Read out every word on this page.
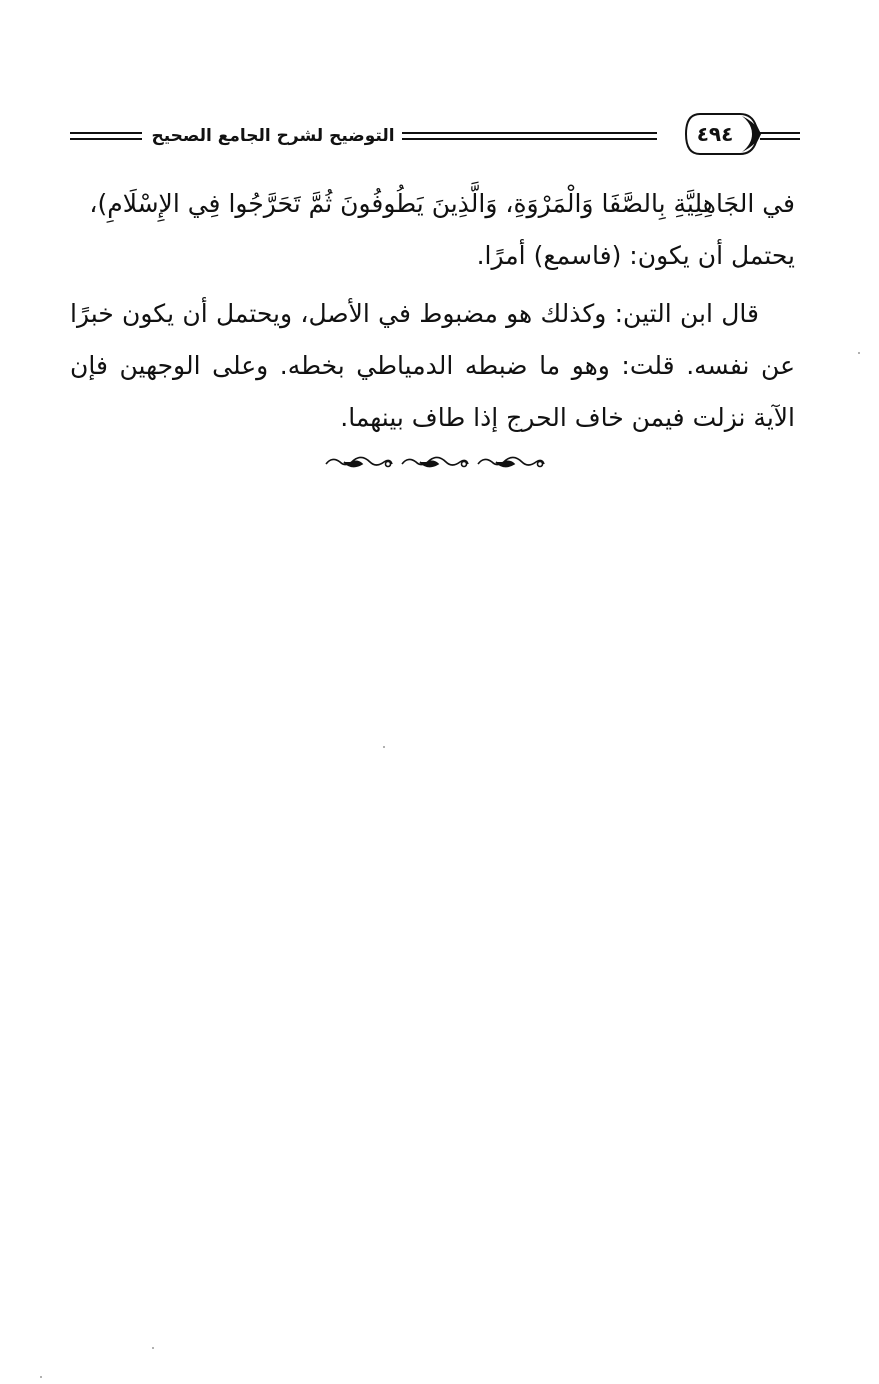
التوضيح لشرح الجامع الصحيح	٤٩٤

في الجَاهِلِيَّةِ بِالصَّفَا وَالْمَرْوَةِ، وَالَّذِينَ يَطُوفُونَ ثُمَّ تَحَرَّجُوا فِي الإِسْلَامِ)،
يحتمل أن يكون: (فاسمع) أمرًا.

قال ابن التين: وكذلك هو مضبوط في الأصل، ويحتمل أن يكون خبرًا عن نفسه. قلت: وهو ما ضبطه الدمياطي بخطه. وعلى الوجهين فإن الآية نزلت فيمن خاف الحرج إذا طاف بينهما.
